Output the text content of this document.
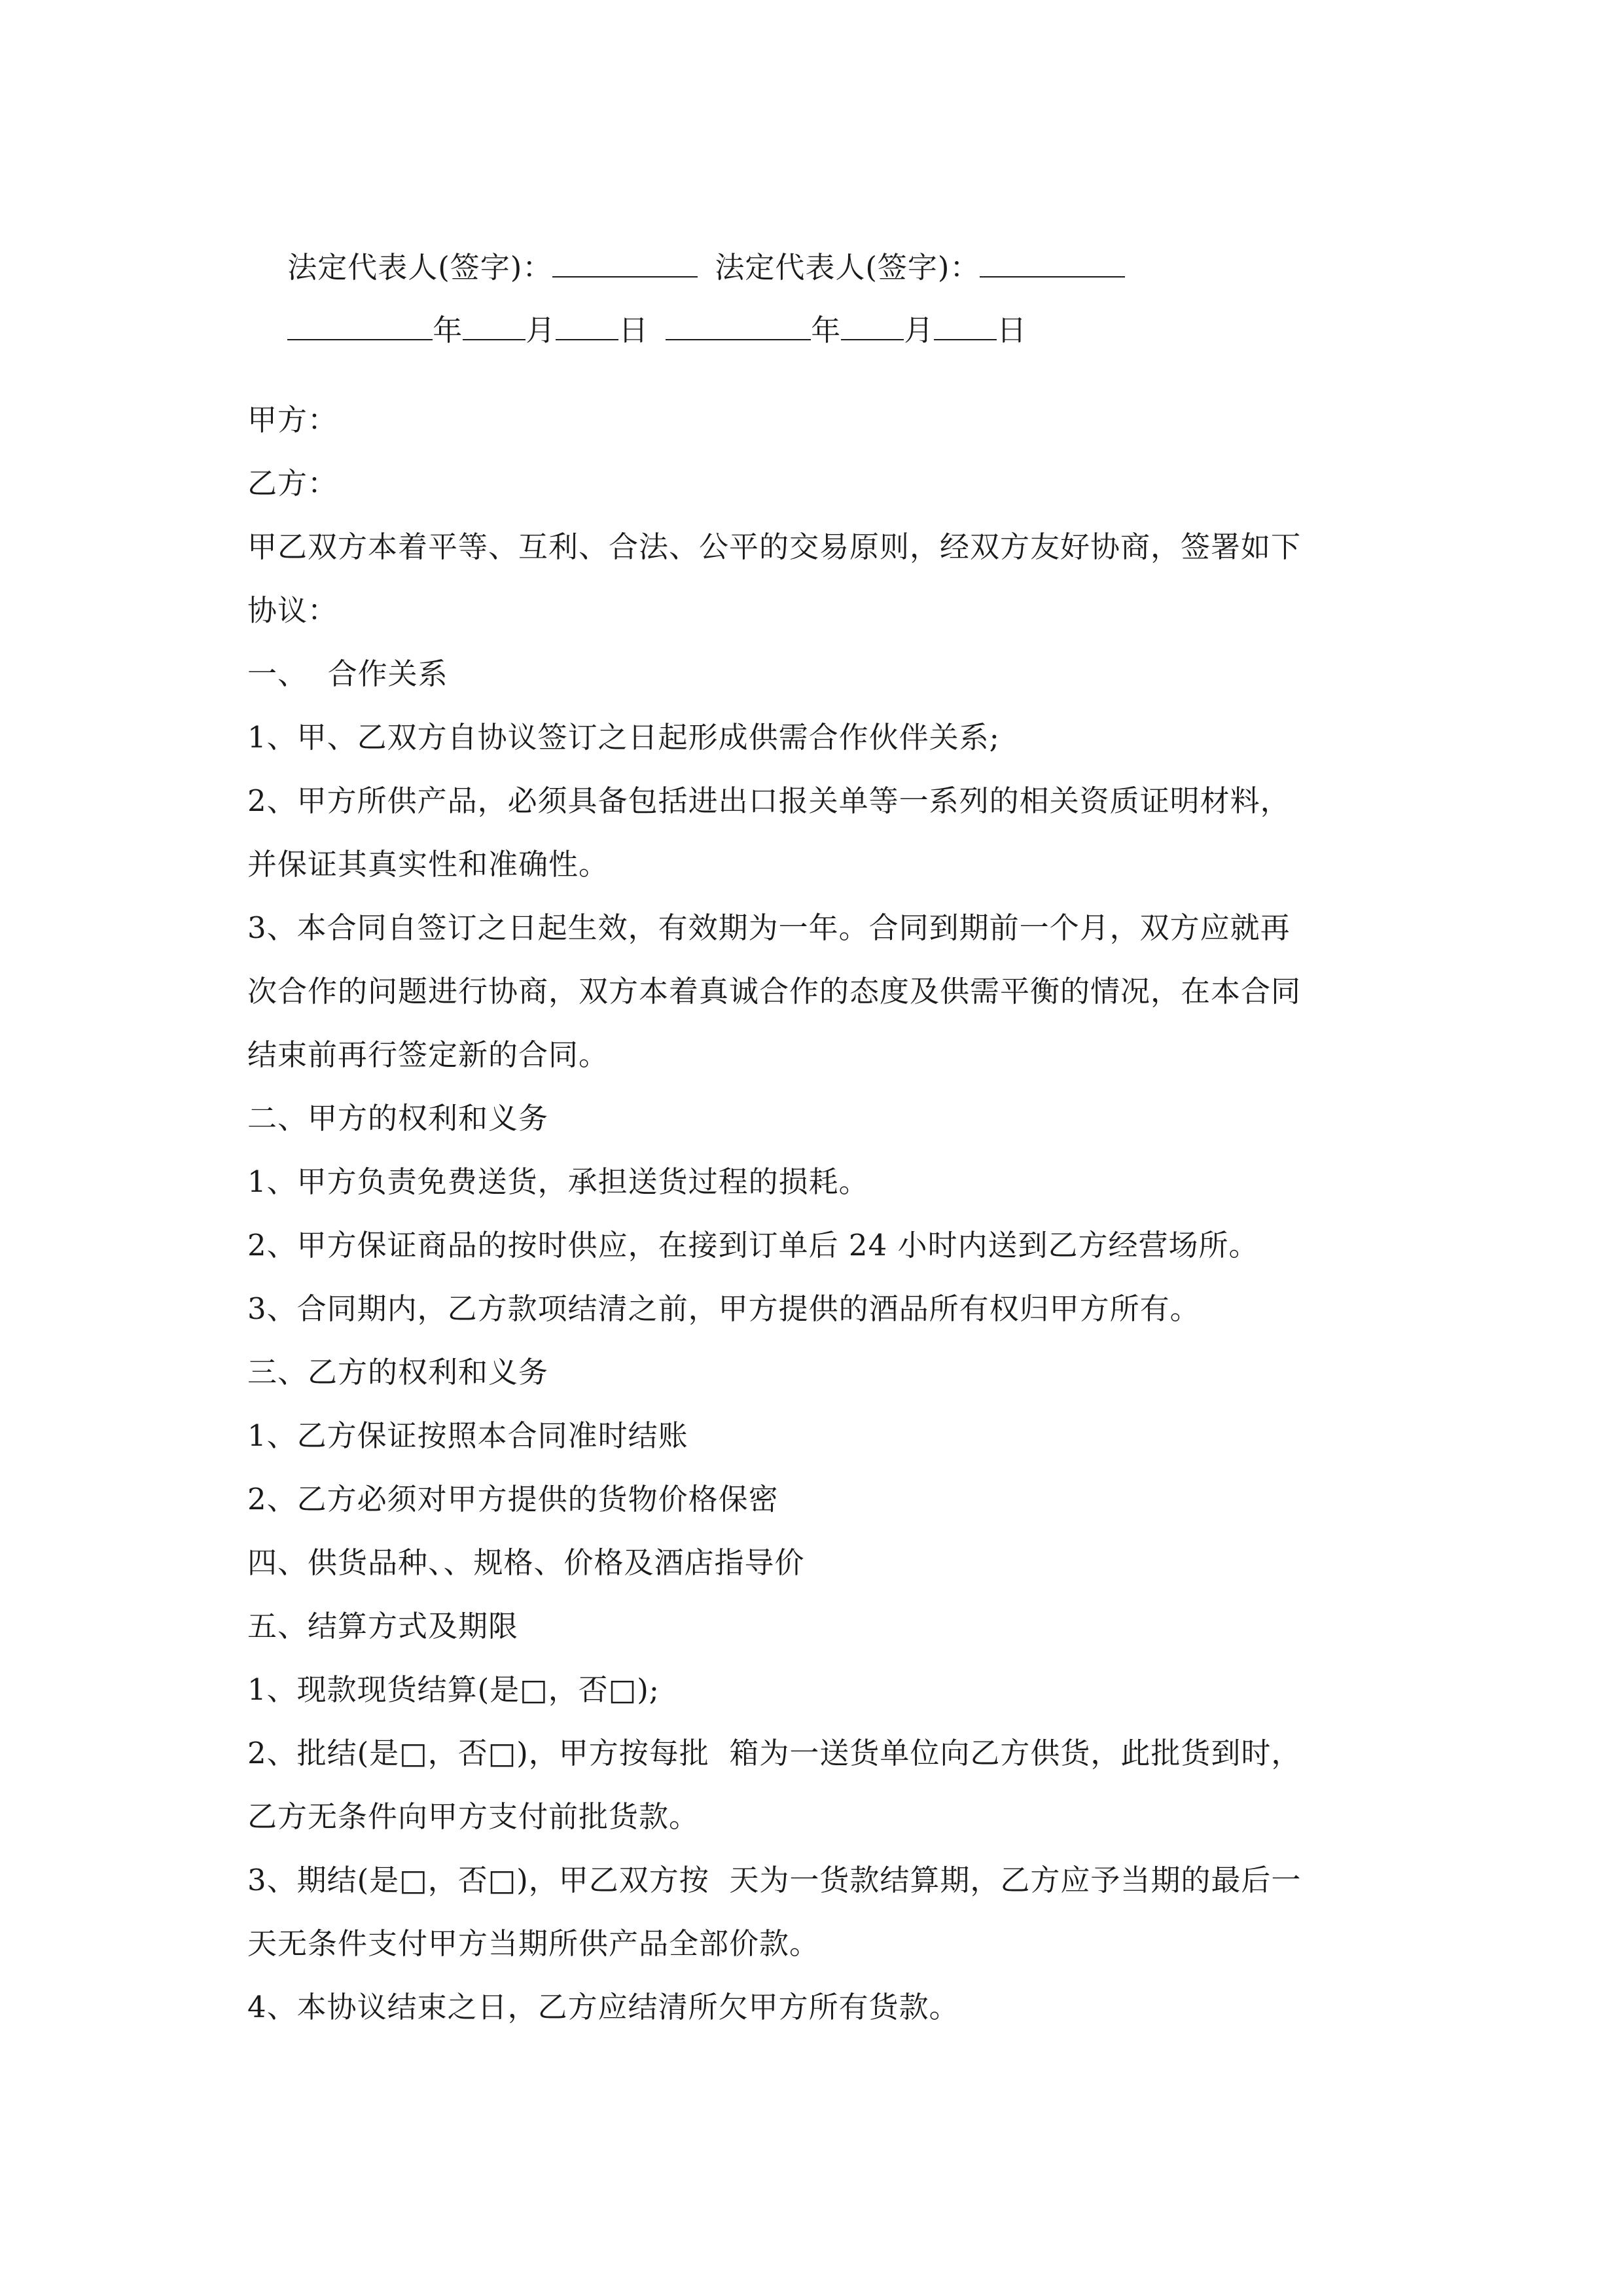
法定代表人(签字)：	法定代表人(签字)：

年 月 日	年 月 日

甲方：
乙方：
甲乙双方本着平等、互利、合法、公平的交易原则，经双方友好协商，签署如下
协议：
一、  合作关系
1、甲、乙双方自协议签订之日起形成供需合作伙伴关系;
2、甲方所供产品，必须具备包括进出口报关单等一系列的相关资质证明材料，
并保证其真实性和准确性。
3、本合同自签订之日起生效，有效期为一年。合同到期前一个月，双方应就再
次合作的问题进行协商，双方本着真诚合作的态度及供需平衡的情况，在本合同
结束前再行签定新的合同。
二、甲方的权利和义务
1、甲方负责免费送货，承担送货过程的损耗。
2、甲方保证商品的按时供应，在接到订单后 24 小时内送到乙方经营场所。
3、合同期内，乙方款项结清之前，甲方提供的酒品所有权归甲方所有。
三、乙方的权利和义务
1、乙方保证按照本合同准时结账
2、乙方必须对甲方提供的货物价格保密
四、供货品种、、规格、价格及酒店指导价
五、结算方式及期限
1、现款现货结算(是□，否□);
2、批结(是□，否□)，甲方按每批  箱为一送货单位向乙方供货，此批货到时，
乙方无条件向甲方支付前批货款。
3、期结(是□，否□)，甲乙双方按  天为一货款结算期，乙方应予当期的最后一
天无条件支付甲方当期所供产品全部价款。
4、本协议结束之日，乙方应结清所欠甲方所有货款。
